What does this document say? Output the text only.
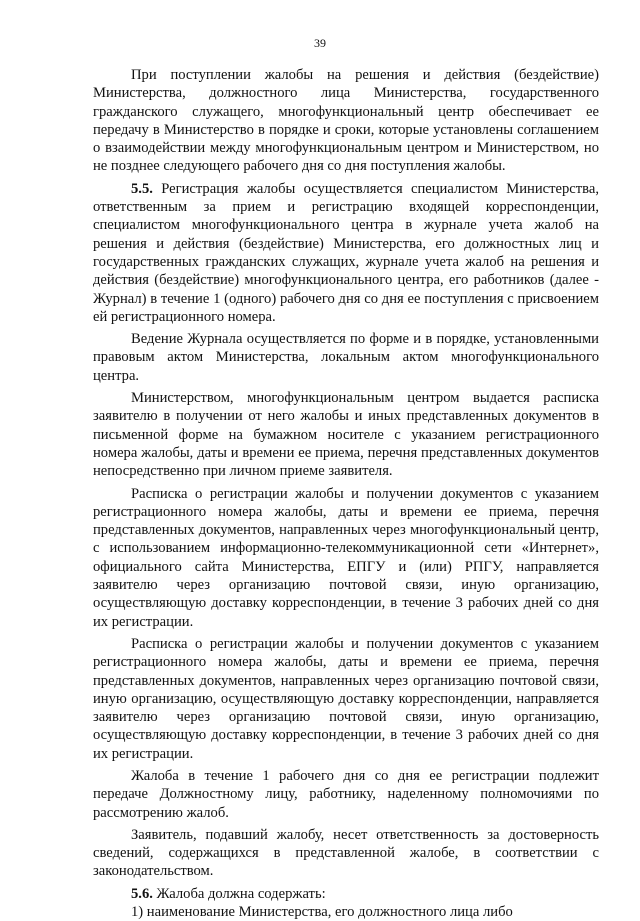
39

При поступлении жалобы на решения и действия (бездействие) Министерства, должностного лица Министерства, государственного гражданского служащего, многофункциональный центр обеспечивает ее передачу в Министерство в порядке и сроки, которые установлены соглашением о взаимодействии между многофункциональным центром и Министерством, но не позднее следующего рабочего дня со дня поступления жалобы.

5.5. Регистрация жалобы осуществляется специалистом Министерства, ответственным за прием и регистрацию входящей корреспонденции, специалистом многофункционального центра в журнале учета жалоб на решения и действия (бездействие) Министерства, его должностных лиц и государственных гражданских служащих, журнале учета жалоб на решения и действия (бездействие) многофункционального центра, его работников (далее - Журнал) в течение 1 (одного) рабочего дня со дня ее поступления с присвоением ей регистрационного номера.

Ведение Журнала осуществляется по форме и в порядке, установленными правовым актом Министерства, локальным актом многофункционального центра.

Министерством, многофункциональным центром выдается расписка заявителю в получении от него жалобы и иных представленных документов в письменной форме на бумажном носителе с указанием регистрационного номера жалобы, даты и времени ее приема, перечня представленных документов непосредственно при личном приеме заявителя.

Расписка о регистрации жалобы и получении документов с указанием регистрационного номера жалобы, даты и времени ее приема, перечня представленных документов, направленных через многофункциональный центр, с использованием информационно-телекоммуникационной сети «Интернет», официального сайта Министерства, ЕПГУ и (или) РПГУ, направляется заявителю через организацию почтовой связи, иную организацию, осуществляющую доставку корреспонденции, в течение 3 рабочих дней со дня их регистрации.

Расписка о регистрации жалобы и получении документов с указанием регистрационного номера жалобы, даты и времени ее приема, перечня представленных документов, направленных через организацию почтовой связи, иную организацию, осуществляющую доставку корреспонденции, направляется заявителю через организацию почтовой связи, иную организацию, осуществляющую доставку корреспонденции, в течение 3 рабочих дней со дня их регистрации.

Жалоба в течение 1 рабочего дня со дня ее регистрации подлежит передаче Должностному лицу, работнику, наделенному полномочиями по рассмотрению жалоб.

Заявитель, подавший жалобу, несет ответственность за достоверность сведений, содержащихся в представленной жалобе, в соответствии с законодательством.

5.6. Жалоба должна содержать:

1) наименование Министерства, его должностного лица либо
